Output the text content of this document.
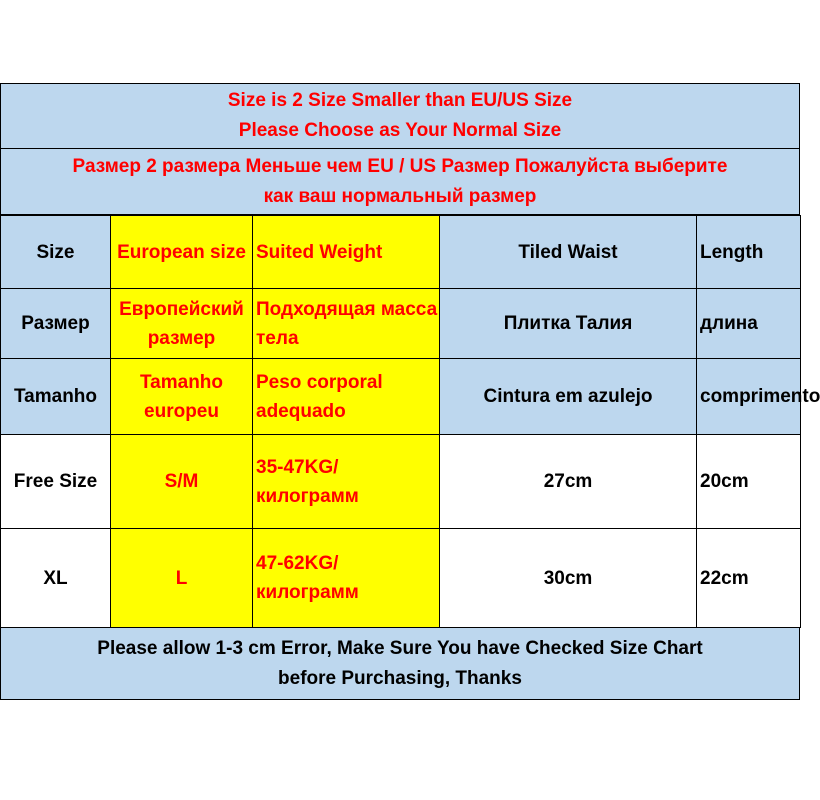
Size is 2 Size Smaller than EU/US Size
Please Choose as Your Normal Size
Размер 2 размера Меньше чем EU / US Размер Пожалуйста выберите
как ваш нормальный размер
Size	European size	Suited Weight	Tiled Waist	Length
Размер	Европейский размер	Подходящая масса тела	Плитка Талия	длина
Tamanho	Tamanho europeu	Peso corporal adequado	Cintura em azulejo	comprimento
Free Size	S/M	35-47KG/килограмм	27cm	20cm
XL	L	47-62KG/килограмм	30cm	22cm
Please allow 1-3 cm Error, Make Sure You have Checked Size Chart
before Purchasing, Thanks
